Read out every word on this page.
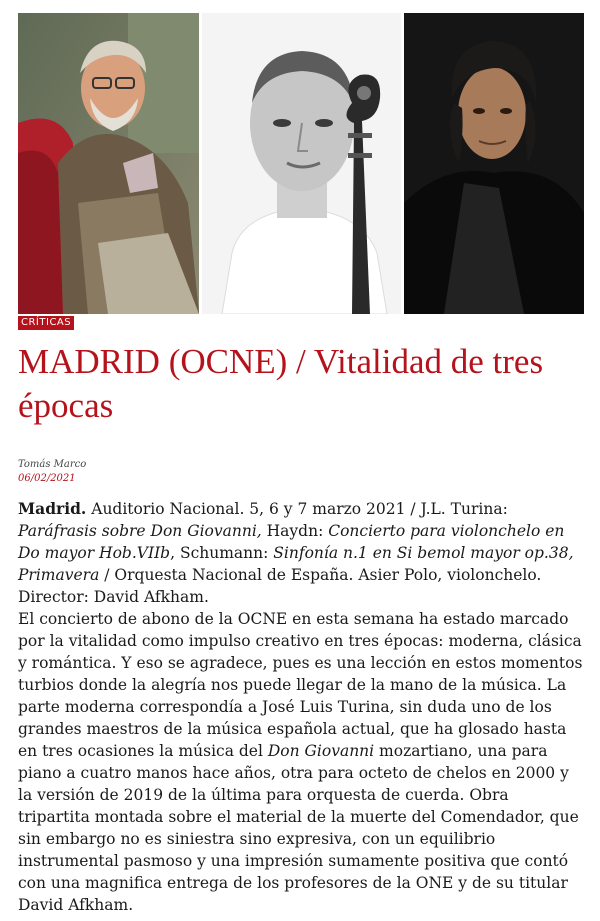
CRÍTICAS
MADRID (OCNE) / Vitalidad de tres épocas
Tomás Marco
06/02/2021

Madrid. Auditorio Nacional. 5, 6 y 7 marzo 2021 / J.L. Turina: Paráfrasis sobre Don Giovanni, Haydn: Concierto para violonchelo en Do mayor Hob.VIIb, Schumann: Sinfonía n.1 en Si bemol mayor op.38, Primavera / Orquesta Nacional de España. Asier Polo, violonchelo. Director: David Afkham.

El concierto de abono de la OCNE en esta semana ha estado marcado por la vitalidad como impulso creativo en tres épocas: moderna, clásica y romántica. Y eso se agradece, pues es una lección en estos momentos turbios donde la alegría nos puede llegar de la mano de la música. La parte moderna correspondía a José Luis Turina, sin duda uno de los grandes maestros de la música española actual, que ha glosado hasta en tres ocasiones la música del Don Giovanni mozartiano, una para piano a cuatro manos hace años, otra para octeto de chelos en 2000 y la versión de 2019 de la última para orquesta de cuerda. Obra tripartita montada sobre el material de la muerte del Comendador, que sin embargo no es siniestra sino expresiva, con un equilibrio instrumental pasmoso y una impresión sumamente positiva que contó con una magnifica entrega de los profesores de la ONE y de su titular David Afkham.
